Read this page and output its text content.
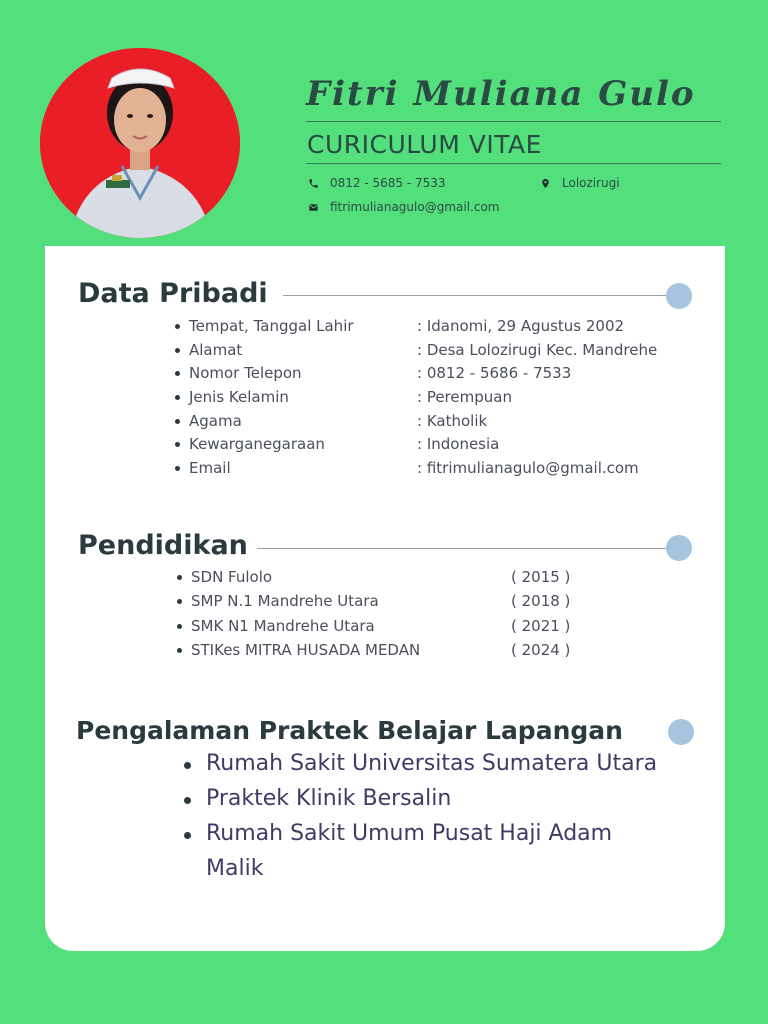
Fitri Muliana Gulo
CURICULUM VITAE
0812 - 5685 - 7533	Lolozirugi
fitrimulianagulo@gmail.com
Data Pribadi
Tempat, Tanggal Lahir	: Idanomi, 29 Agustus 2002
Alamat	: Desa Lolozirugi Kec. Mandrehe
Nomor Telepon	: 0812 - 5686 - 7533
Jenis Kelamin	: Perempuan
Agama	: Katholik
Kewarganegaraan	: Indonesia
Email	: fitrimulianagulo@gmail.com
Pendidikan
SDN Fulolo	( 2015 )
SMP N.1 Mandrehe Utara	( 2018 )
SMK N1 Mandrehe Utara	( 2021 )
STIKes MITRA HUSADA MEDAN	( 2024 )
Pengalaman Praktek Belajar Lapangan
Rumah Sakit Universitas Sumatera Utara
Praktek Klinik Bersalin
Rumah Sakit Umum Pusat Haji Adam
Malik
